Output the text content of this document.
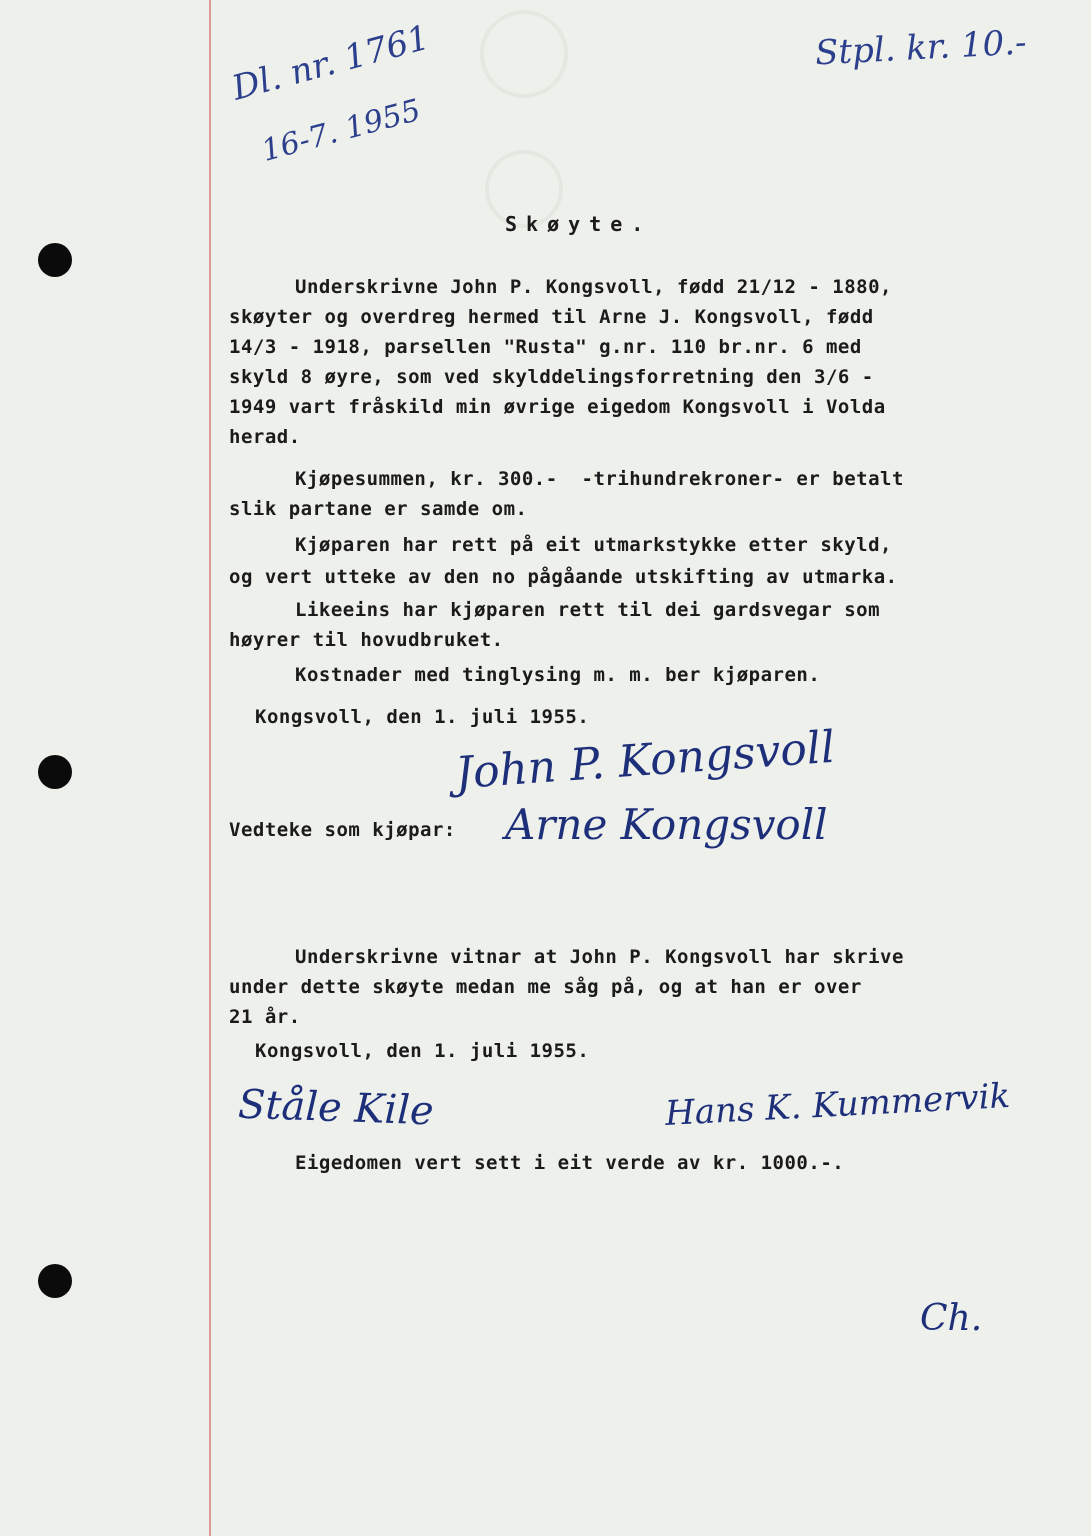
Dl. nr. 1761
16-7. 1955
Stpl. kr. 10.-
Skøyte.
Underskrivne John P. Kongsvoll, fødd 21/12 - 1880,
skøyter og overdreg hermed til Arne J. Kongsvoll, fødd
14/3 - 1918, parsellen "Rusta" g.nr. 110 br.nr. 6 med
skyld 8 øyre, som ved skylddelingsforretning den 3/6 -
1949 vart fråskild min øvrige eigedom Kongsvoll i Volda
herad.
Kjøpesummen, kr. 300.-  -trihundrekroner- er betalt
slik partane er samde om.
Kjøparen har rett på eit utmarkstykke etter skyld,
og vert utteke av den no pågåande utskifting av utmarka.
Likeeins har kjøparen rett til dei gardsvegar som
høyrer til hovudbruket.
Kostnader med tinglysing m. m. ber kjøparen.
Kongsvoll, den 1. juli 1955.
John P. Kongsvoll
Vedteke som kjøpar: Arne Kongsvoll
Underskrivne vitnar at John P. Kongsvoll har skrive
under dette skøyte medan me såg på, og at han er over
21 år.
Kongsvoll, den 1. juli 1955.
Ståle Kile	Hans K. Kummervik
Eigedomen vert sett i eit verde av kr. 1000.-.
Ch.
